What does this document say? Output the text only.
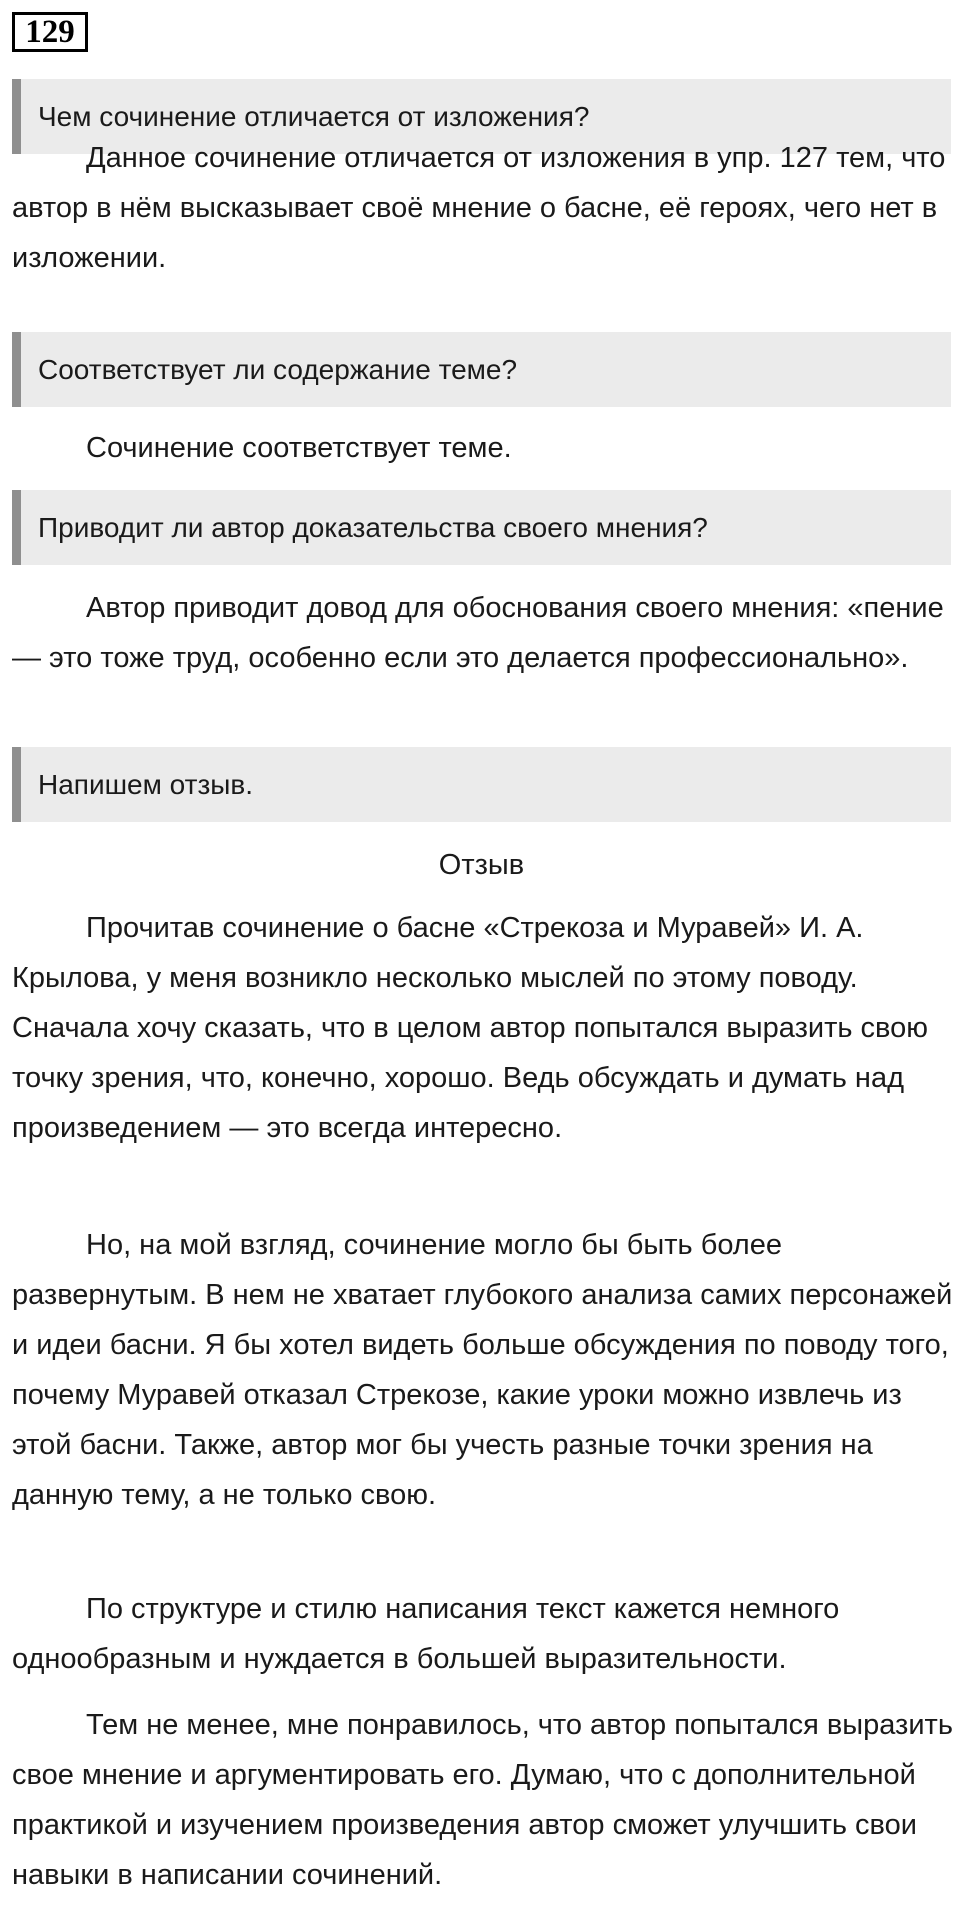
129
Чем сочинение отличается от изложения?

Данное сочинение отличается от изложения в упр. 127 тем, что автор в нём высказывает своё мнение о басне, её героях, чего нет в изложении.

Соответствует ли содержание теме?

Сочинение соответствует теме.

Приводит ли автор доказательства своего мнения?

Автор приводит довод для обоснования своего мнения: «пение — это тоже труд, особенно если это делается профессионально».

Напишем отзыв.
Отзыв

Прочитав сочинение о басне «Стрекоза и Муравей» И. А. Крылова, у меня возникло несколько мыслей по этому поводу. Сначала хочу сказать, что в целом автор попытался выразить свою точку зрения, что, конечно, хорошо. Ведь обсуждать и думать над произведением — это всегда интересно.

Но, на мой взгляд, сочинение могло бы быть более развернутым. В нем не хватает глубокого анализа самих персонажей и идеи басни. Я бы хотел видеть больше обсуждения по поводу того, почему Муравей отказал Стрекозе, какие уроки можно извлечь из этой басни. Также, автор мог бы учесть разные точки зрения на данную тему, а не только свою.

По структуре и стилю написания текст кажется немного однообразным и нуждается в большей выразительности.

Тем не менее, мне понравилось, что автор попытался выразить свое мнение и аргументировать его. Думаю, что с дополнительной практикой и изучением произведения автор сможет улучшить свои навыки в написании сочинений.
